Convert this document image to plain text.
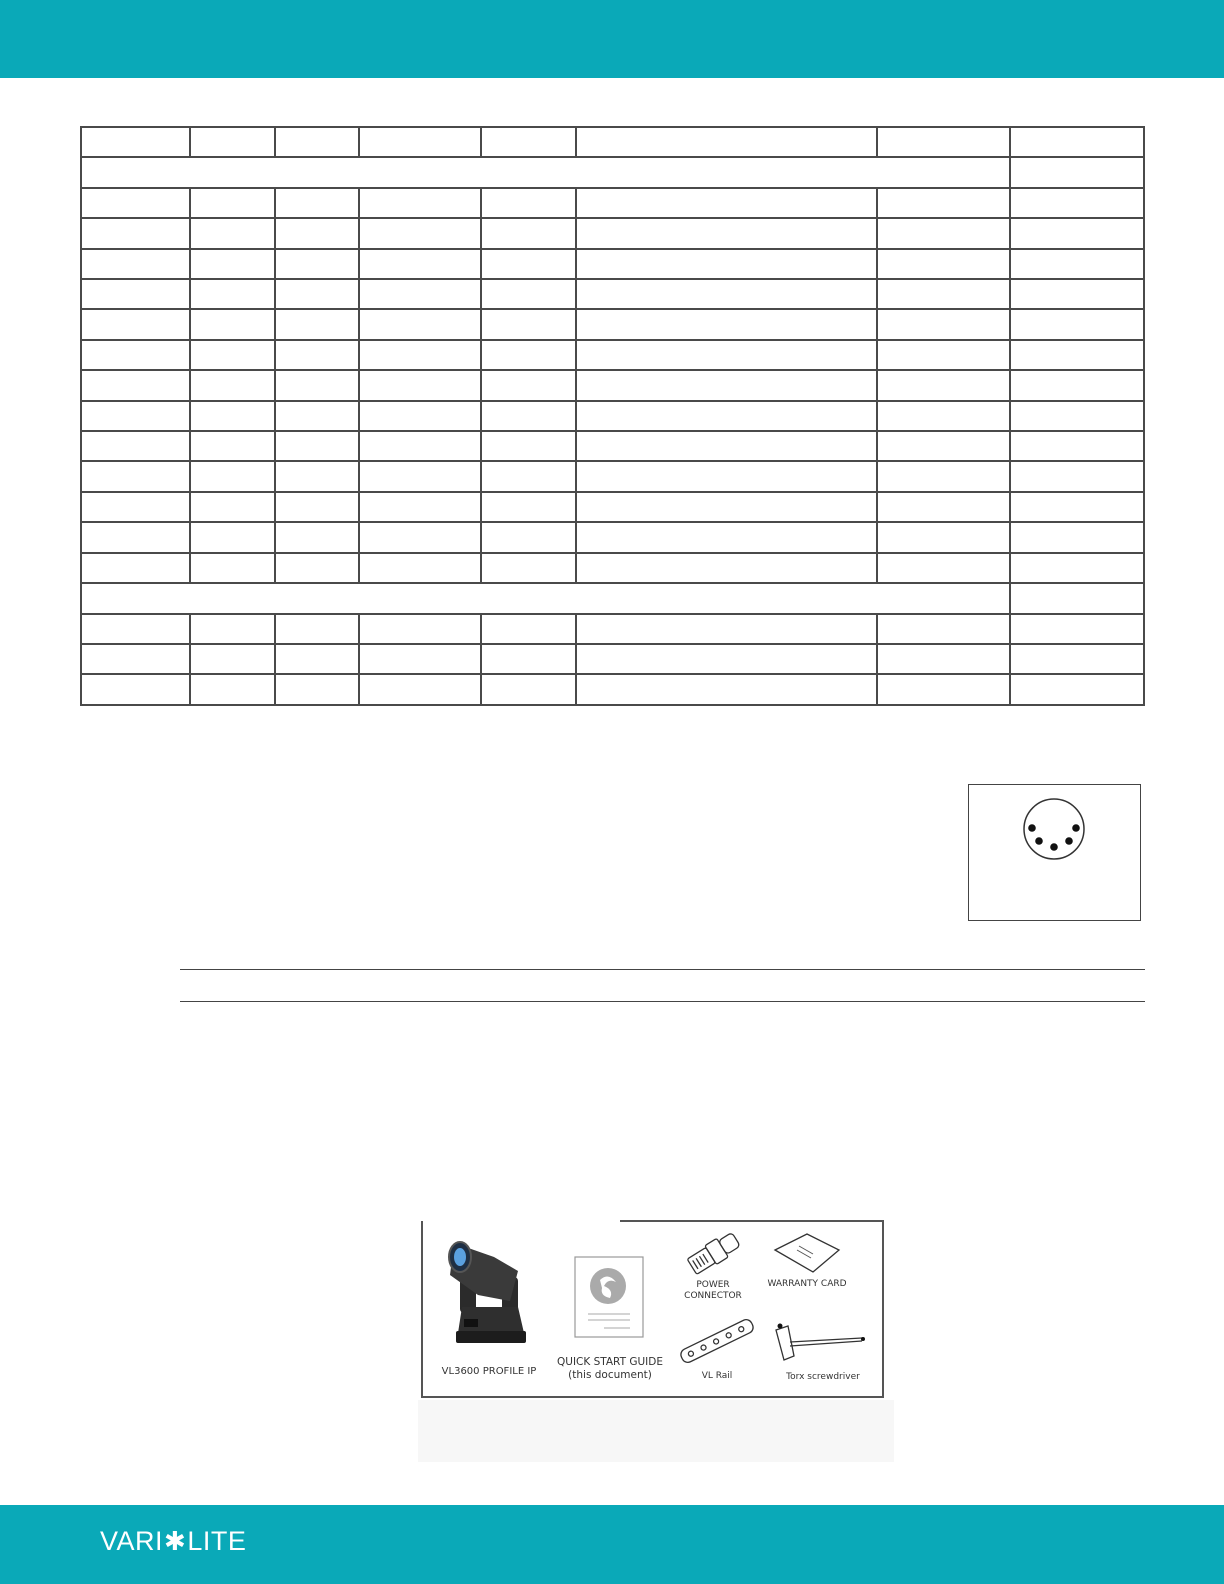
VL3600 PROFILE IP
QUICK START GUIDE
(this document)
POWER CONNECTOR
WARRANTY CARD
VL Rail	Torx screwdriver
VARI ✱ LITE
